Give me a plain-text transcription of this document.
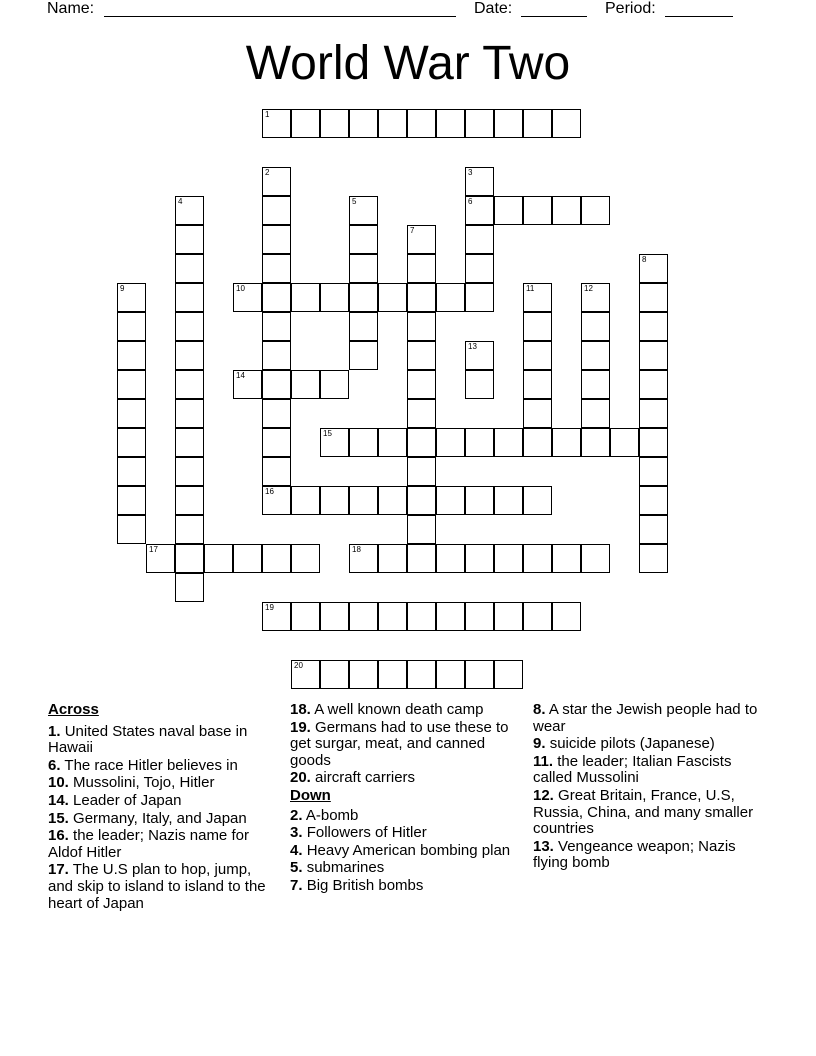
Name:	Date:	Period:
World War Two
1
6
10
14
15
16
17	18
19
20
2	3
4	5
7
8
9	11	12
13
Across
1. United States naval base in Hawaii
6. The race Hitler believes in
10. Mussolini, Tojo, Hitler
14. Leader of Japan
15. Germany, Italy, and Japan
16. the leader; Nazis name for Aldof Hitler
17. The U.S plan to hop, jump, and skip to island to island to the heart of Japan
18. A well known death camp
19. Germans had to use these to get surgar, meat, and canned goods
20. aircraft carriers
Down
2. A-bomb
3. Followers of Hitler
4. Heavy American bombing plan
5. submarines
7. Big British bombs
8. A star the Jewish people had to wear
9. suicide pilots (Japanese)
11. the leader; Italian Fascists called Mussolini
12. Great Britain, France, U.S, Russia, China, and many smaller countries
13. Vengeance weapon; Nazis flying bomb
